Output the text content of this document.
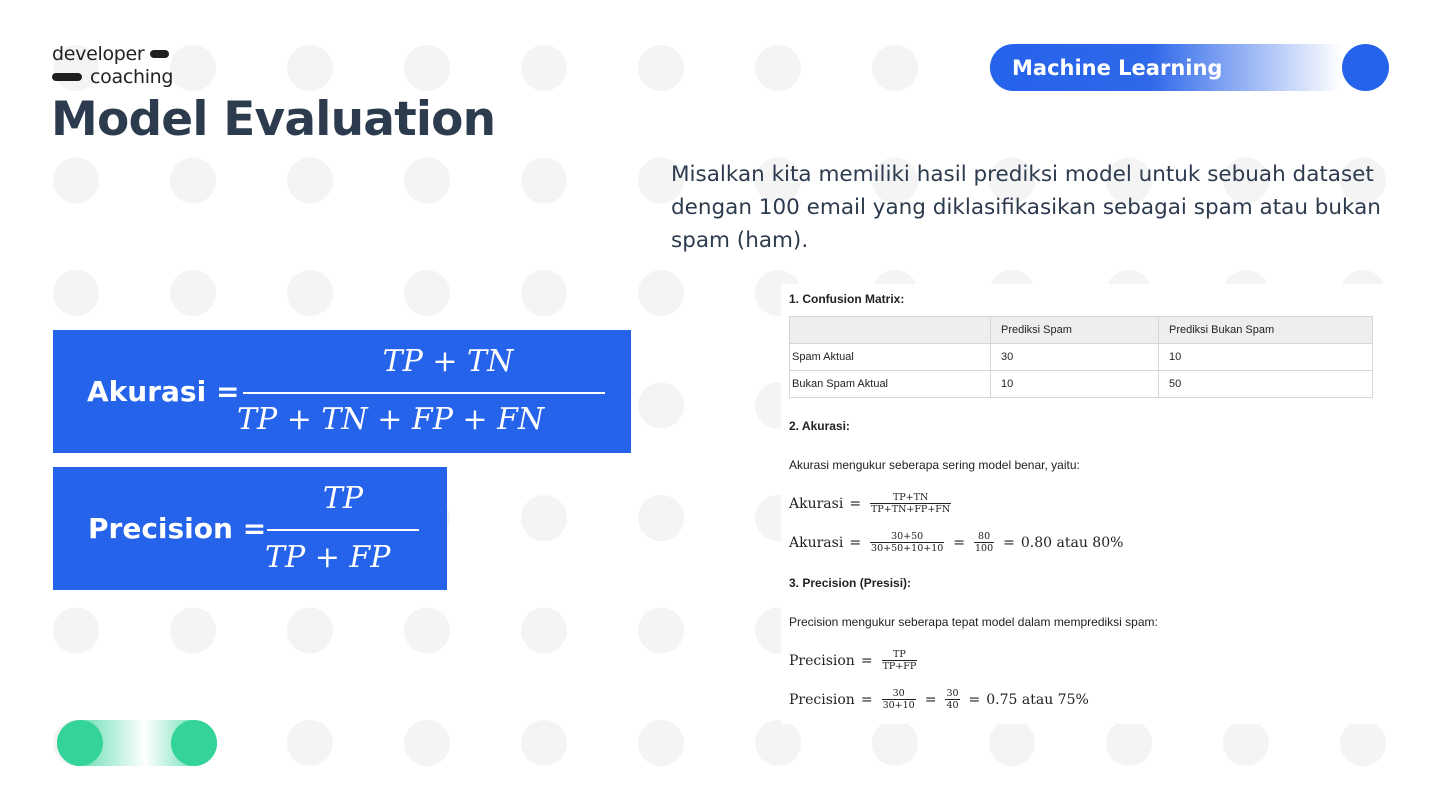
developer
coaching
Model Evaluation
Machine Learning

Misalkan kita memiliki hasil prediksi model untuk sebuah dataset dengan 100 email yang diklasifikasikan sebagai spam atau bukan spam (ham).

Akurasi =
TP + TN
TP + TN + FP + FN
Precision =
TP
TP + FP
1. Confusion Matrix:
	Prediksi Spam	Prediksi Bukan Spam
Spam Aktual	30	10
Bukan Spam Aktual	10	50
2. Akurasi:
Akurasi mengukur seberapa sering model benar, yaitu:
Akurasi = $\frac{TP+TN}{TP+TN+FP+FN}$
Akurasi = $\frac{30+50}{30+50+10+10} = \frac{80}{100} = 0.80$ atau 80%
3. Precision (Presisi):
Precision mengukur seberapa tepat model dalam memprediksi spam:
Precision = $\frac{TP}{TP+FP}$
Precision = $\frac{30}{30+10} = \frac{30}{40} = 0.75$ atau 75%
